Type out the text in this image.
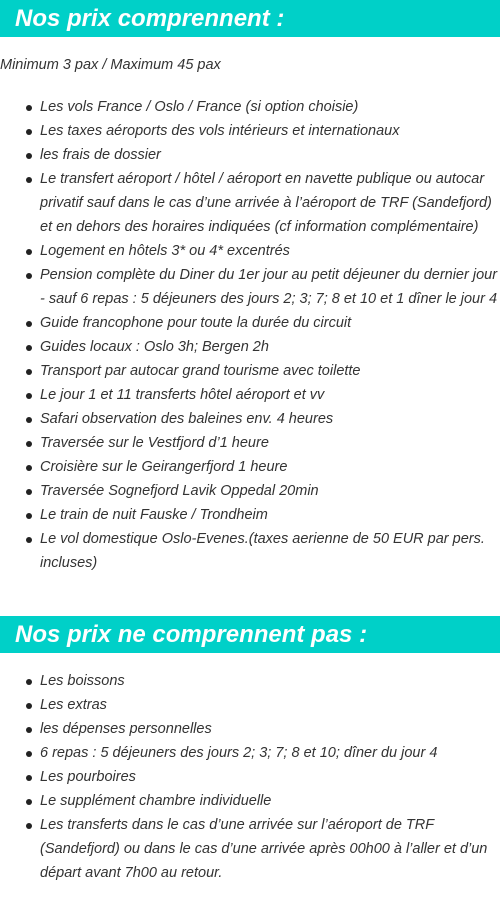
Nos prix comprennent :
Minimum 3 pax / Maximum 45 pax
Les vols France / Oslo / France (si option choisie)
Les taxes aéroports des vols intérieurs et internationaux
les frais de dossier
Le transfert aéroport / hôtel / aéroport en navette publique ou autocar privatif sauf dans le cas d’une arrivée à l’aéroport de TRF (Sandefjord) et en dehors des horaires indiquées (cf information complémentaire)
Logement en hôtels 3* ou 4* excentrés
Pension complète du Diner du 1er jour au petit déjeuner du dernier jour - sauf 6 repas : 5 déjeuners des jours 2; 3; 7; 8 et 10 et 1 dîner le jour 4
Guide francophone pour toute la durée du circuit
Guides locaux : Oslo 3h; Bergen 2h
Transport par autocar grand tourisme avec toilette
Le jour 1 et 11 transferts hôtel aéroport et vv
Safari observation des baleines env. 4 heures
Traversée sur le Vestfjord d’1 heure
Croisière sur le Geirangerfjord 1 heure
Traversée Sognefjord Lavik Oppedal 20min
Le train de nuit Fauske / Trondheim
Le vol domestique Oslo-Evenes.(taxes aerienne de 50 EUR par pers. incluses)
Nos prix ne comprennent pas :
Les boissons
Les extras
les dépenses personnelles
6 repas : 5 déjeuners des jours 2; 3; 7; 8 et 10; dîner du jour 4
Les pourboires
Le supplément chambre individuelle
Les transferts dans le cas d’une arrivée sur l’aéroport de TRF (Sandefjord) ou dans le cas d’une arrivée après 00h00 à l’aller et d’un départ avant 7h00 au retour.
